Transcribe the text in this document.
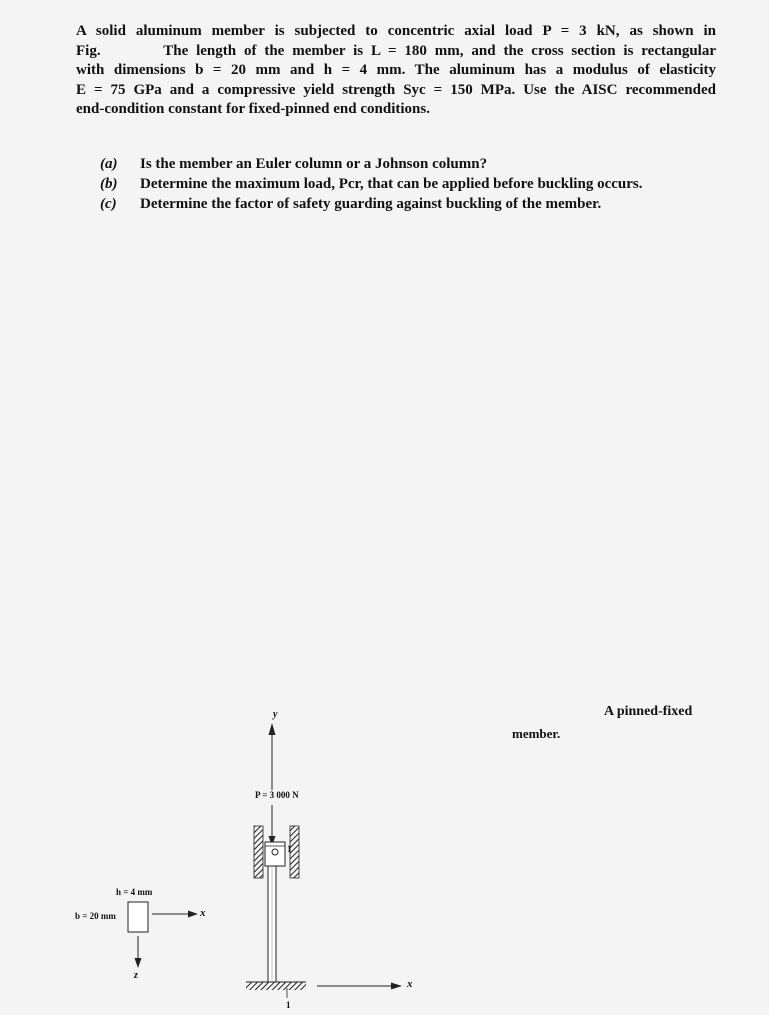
A solid aluminum member is subjected to concentric axial load P = 3 kN, as shown in
Fig.        The length of the member is L = 180 mm, and the cross section is rectangular
with dimensions b = 20 mm and h = 4 mm. The aluminum has a modulus of elasticity
E = 75 GPa and a compressive yield strength Syc = 150 MPa. Use the AISC recommended
end-condition constant for fixed-pinned end conditions.
(a)	Is the member an Euler column or a Johnson column?
(b)	Determine the maximum load, Pcr, that can be applied before buckling occurs.
(c)	Determine the factor of safety guarding against buckling of the member.
A pinned-fixed
member.
y
P = 3 000 N
1
1
x
h = 4 mm
b = 20 mm	x
z
